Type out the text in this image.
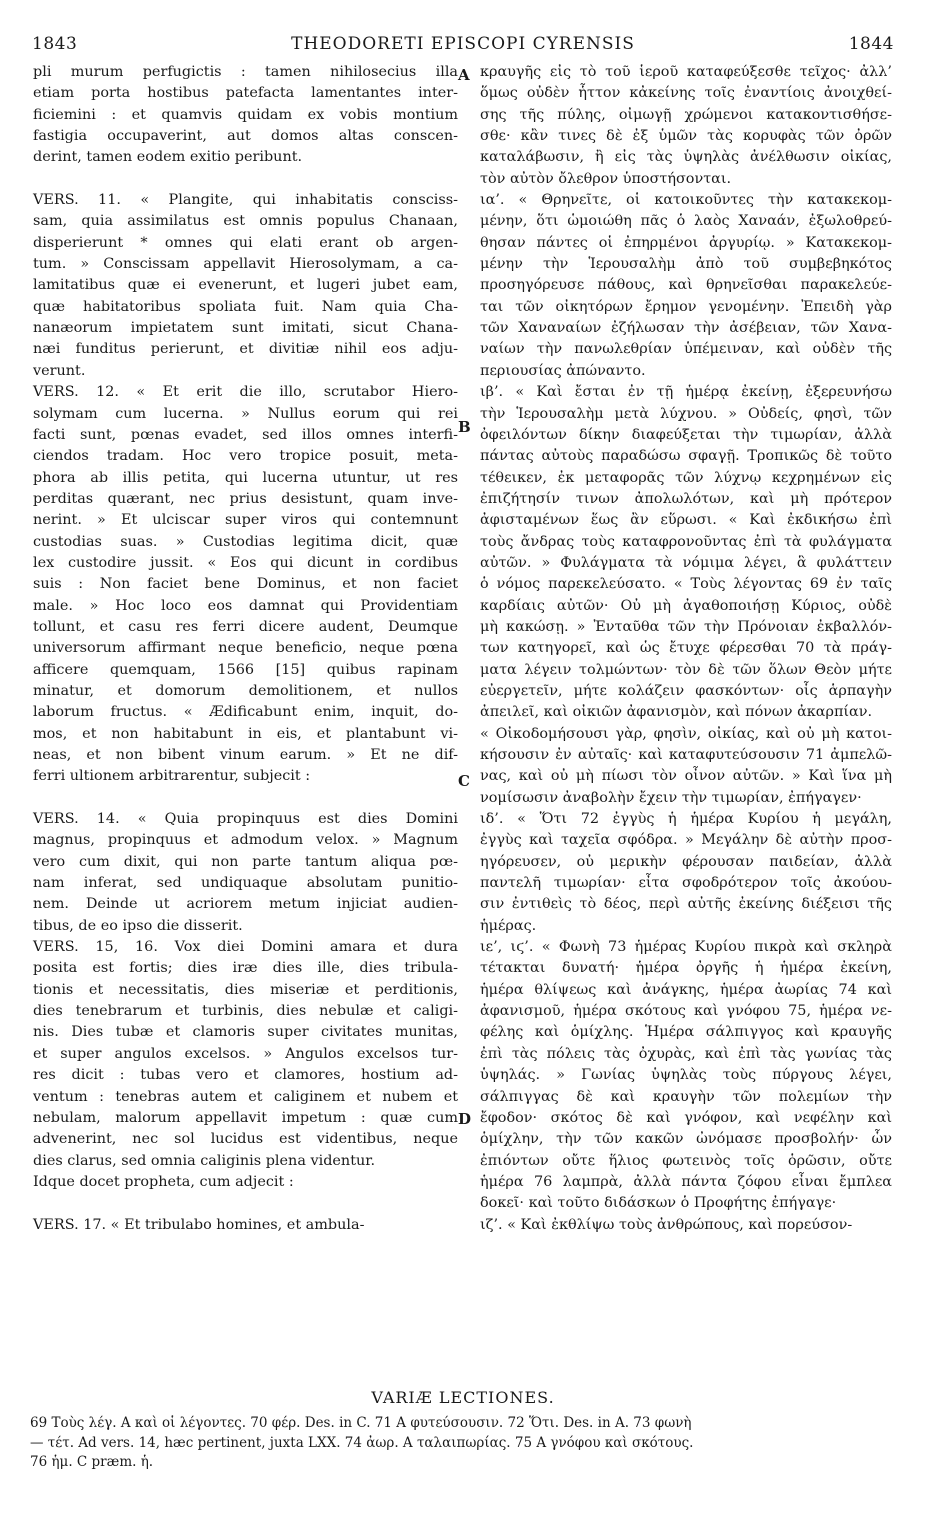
1843	THEODORETI EPISCOPI CYRENSIS	1844
pli murum perfugictis : tamen nihilosecius illa
etiam porta hostibus patefacta lamentantes inter-
ficiemini : et quamvis quidam ex vobis montium
fastigia occupaverint, aut domos altas conscen-
derint, tamen eodem exitio peribunt.
VERS. 11. « Plangite, qui inhabitatis consciss-
sam, quia assimilatus est omnis populus Chanaan,
disperierunt * omnes qui elati erant ob argen-
tum. » Conscissam appellavit Hierosolymam, a ca-
lamitatibus quæ ei evenerunt, et lugeri jubet eam,
quæ habitatoribus spoliata fuit. Nam quia Cha-
nanæorum impietatem sunt imitati, sicut Chana-
næi funditus perierunt, et divitiæ nihil eos adju-
verunt.
VERS. 12. « Et erit die illo, scrutabor Hiero-
solymam cum lucerna. » Nullus eorum qui rei
facti sunt, pœnas evadet, sed illos omnes interfi-
ciendos tradam. Hoc vero tropice posuit, meta-
phora ab illis petita, qui lucerna utuntur, ut res
perditas quærant, nec prius desistunt, quam inve-
nerint. » Et ulciscar super viros qui contemnunt
custodias suas. » Custodias legitima dicit, quæ
lex custodire jussit. « Eos qui dicunt in cordibus
suis : Non faciet bene Dominus, et non faciet
male. » Hoc loco eos damnat qui Providentiam
tollunt, et casu res ferri dicere audent, Deumque
universorum affirmant neque beneficio, neque pœna
afficere quemquam, 1566 [15] quibus rapinam
minatur, et domorum demolitionem, et nullos
laborum fructus. « Ædificabunt enim, inquit, do-
mos, et non habitabunt in eis, et plantabunt vi-
neas, et non bibent vinum earum. » Et ne dif-
ferri ultionem arbitrarentur, subjecit :
VERS. 14. « Quia propinquus est dies Domini
magnus, propinquus et admodum velox. » Magnum
vero cum dixit, qui non parte tantum aliqua pœ-
nam inferat, sed undiquaque absolutam punitio-
nem. Deinde ut acriorem metum injiciat audien-
tibus, de eo ipso die disserit.
VERS. 15, 16. Vox diei Domini amara et dura
posita est fortis; dies iræ dies ille, dies tribula-
tionis et necessitatis, dies miseriæ et perditionis,
dies tenebrarum et turbinis, dies nebulæ et caligi-
nis. Dies tubæ et clamoris super civitates munitas,
et super angulos excelsos. » Angulos excelsos tur-
res dicit : tubas vero et clamores, hostium ad-
ventum : tenebras autem et caliginem et nubem et
nebulam, malorum appellavit impetum : quæ cum
advenerint, nec sol lucidus est videntibus, neque
dies clarus, sed omnia caliginis plena videntur.
Idque docet propheta, cum adjecit :
VERS. 17. « Et tribulabo homines, et ambula-
κραυγῆς εἰς τὸ τοῦ ἱεροῦ καταφεύξεσθε τεῖχος· ἀλλ’
ὅμως οὐδὲν ἧττον κἀκείνης τοῖς ἐναντίοις ἀνοιχθεί-
σης τῆς πύλης, οἰμωγῇ χρώμενοι κατακοντισθήσε-
σθε· κἂν τινες δὲ ἐξ ὑμῶν τὰς κορυφὰς τῶν ὀρῶν
καταλάβωσιν, ἢ εἰς τὰς ὑψηλὰς ἀνέλθωσιν οἰκίας,
τὸν αὐτὸν ὄλεθρον ὑποστήσονται.
ια’. « Θρηνεῖτε, οἱ κατοικοῦντες τὴν κατακεκομ-
μένην, ὅτι ὡμοιώθη πᾶς ὁ λαὸς Χαναάν, ἐξωλοθρεύ-
θησαν πάντες οἱ ἐπηρμένοι ἀργυρίῳ. » Κατακεκομ-
μένην τὴν Ἱερουσαλὴμ ἀπὸ τοῦ συμβεβηκότος
προσηγόρευσε πάθους, καὶ θρηνεῖσθαι παρακελεύε-
ται τῶν οἰκητόρων ἔρημον γενομένην. Ἐπειδὴ γὰρ
τῶν Χαναναίων ἐζήλωσαν τὴν ἀσέβειαν, τῶν Χανα-
ναίων τὴν πανωλεθρίαν ὑπέμειναν, καὶ οὐδὲν τῆς
περιουσίας ἀπώναντο.
ιβ’. « Καὶ ἔσται ἐν τῇ ἡμέρᾳ ἐκείνῃ, ἐξερευνήσω
τὴν Ἱερουσαλὴμ μετὰ λύχνου. » Οὐδείς, φησὶ, τῶν
ὀφειλόντων δίκην διαφεύξεται τὴν τιμωρίαν, ἀλλὰ
πάντας αὐτοὺς παραδώσω σφαγῇ. Τροπικῶς δὲ τοῦτο
τέθεικεν, ἐκ μεταφορᾶς τῶν λύχνῳ κεχρημένων εἰς
ἐπιζήτησίν τινων ἀπολωλότων, καὶ μὴ πρότερον
ἀφισταμένων ἕως ἂν εὕρωσι. « Καὶ ἐκδικήσω ἐπὶ
τοὺς ἄνδρας τοὺς καταφρονοῦντας ἐπὶ τὰ φυλάγματα
αὐτῶν. » Φυλάγματα τὰ νόμιμα λέγει, ἃ φυλάττειν
ὁ νόμος παρεκελεύσατο. « Τοὺς λέγοντας 69 ἐν ταῖς
καρδίαις αὐτῶν· Οὐ μὴ ἀγαθοποιήσῃ Κύριος, οὐδὲ
μὴ κακώσῃ. » Ἐνταῦθα τῶν τὴν Πρόνοιαν ἐκβαλλόν-
των κατηγορεῖ, καὶ ὡς ἔτυχε φέρεσθαι 70 τὰ πράγ-
ματα λέγειν τολμώντων· τὸν δὲ τῶν ὅλων Θεὸν μήτε
εὐεργετεῖν, μήτε κολάζειν φασκόντων· οἷς ἁρπαγὴν
ἀπειλεῖ, καὶ οἰκιῶν ἀφανισμὸν, καὶ πόνων ἀκαρπίαν.
« Οἰκοδομήσουσι γὰρ, φησὶν, οἰκίας, καὶ οὐ μὴ κατοι-
κήσουσιν ἐν αὐταῖς· καὶ καταφυτεύσουσιν 71 ἀμπελῶ-
νας, καὶ οὐ μὴ πίωσι τὸν οἶνον αὐτῶν. » Καὶ ἵνα μὴ
νομίσωσιν ἀναβολὴν ἔχειν τὴν τιμωρίαν, ἐπήγαγεν·
ιδ’. « Ὅτι 72 ἐγγὺς ἡ ἡμέρα Κυρίου ἡ μεγάλη,
ἐγγὺς καὶ ταχεῖα σφόδρα. » Μεγάλην δὲ αὐτὴν προσ-
ηγόρευσεν, οὐ μερικὴν φέρουσαν παιδείαν, ἀλλὰ
παντελῆ τιμωρίαν· εἶτα σφοδρότερον τοῖς ἀκούου-
σιν ἐντιθεὶς τὸ δέος, περὶ αὐτῆς ἐκείνης διέξεισι τῆς
ἡμέρας.
ιε’, ιϛ’. « Φωνὴ 73 ἡμέρας Κυρίου πικρὰ καὶ σκληρὰ
τέτακται δυνατή· ἡμέρα ὀργῆς ἡ ἡμέρα ἐκείνη,
ἡμέρα θλίψεως καὶ ἀνάγκης, ἡμέρα ἀωρίας 74 καὶ
ἀφανισμοῦ, ἡμέρα σκότους καὶ γνόφου 75, ἡμέρα νε-
φέλης καὶ ὁμίχλης. Ἡμέρα σάλπιγγος καὶ κραυγῆς
ἐπὶ τὰς πόλεις τὰς ὀχυρὰς, καὶ ἐπὶ τὰς γωνίας τὰς
ὑψηλάς. » Γωνίας ὑψηλὰς τοὺς πύργους λέγει,
σάλπιγγας δὲ καὶ κραυγὴν τῶν πολεμίων τὴν
ἔφοδον· σκότος δὲ καὶ γνόφον, καὶ νεφέλην καὶ
ὁμίχλην, τὴν τῶν κακῶν ὠνόμασε προσβολήν· ὧν
ἐπιόντων οὔτε ἥλιος φωτεινὸς τοῖς ὁρῶσιν, οὔτε
ἡμέρα 76 λαμπρὰ, ἀλλὰ πάντα ζόφου εἶναι ἔμπλεα
δοκεῖ· καὶ τοῦτο διδάσκων ὁ Προφήτης ἐπήγαγε·
ιζ’. « Καὶ ἐκθλίψω τοὺς ἀνθρώπους, καὶ πορεύσον-
A
B
C
D
VARIÆ LECTIONES.
69 Τοὺς λέγ. A καὶ οἱ λέγοντες. 70 φέρ. Des. in C. 71 A φυτεύσουσιν. 72 Ὅτι. Des. in A. 73 φωνὴ
— τέτ. Ad vers. 14, hæc pertinent, juxta LXX. 74 ἀωρ. A ταλαιπωρίας. 75 A γνόφου καὶ σκότους.
76 ἡμ. C præm. ἡ.
